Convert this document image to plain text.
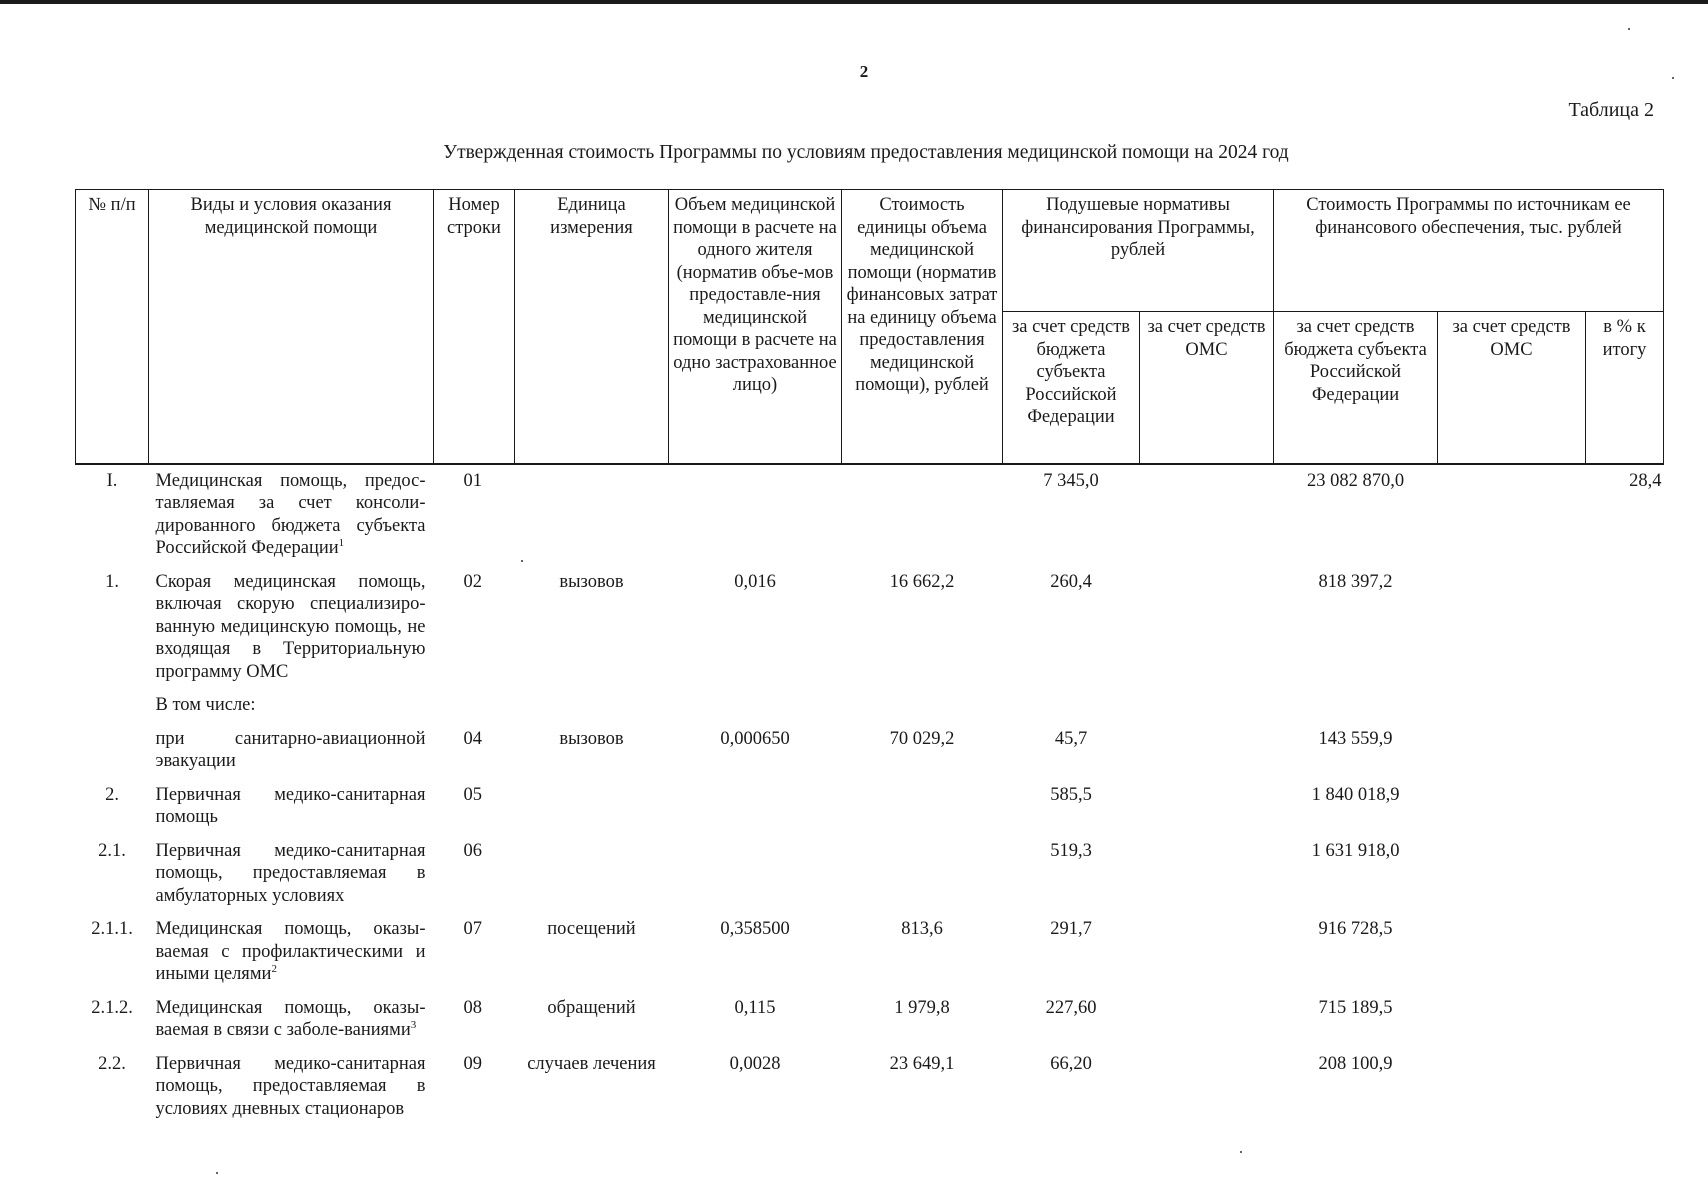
2
Таблица 2
Утвержденная стоимость Программы по условиям предоставления медицинской помощи на 2024 год
№ п/п	Виды и условия оказания медицинской помощи	Номер строки	Единица измерения	Объем медицинской помощи в расчете на одного жителя (норматив объе-мов предоставле-ния медицинской помощи в расчете на одно застрахованное лицо)	Стоимость единицы объема медицинской помощи (норматив финансовых затрат на единицу объема предоставления медицинской помощи), рублей	Подушевые нормативы финансирования Программы, рублей		Стоимость Программы по источникам ее финансового обеспечения, тыс. рублей		
						за счет средств бюджета субъекта Российской Федерации	за счет средств ОМС	за счет средств бюджета субъекта Российской Федерации	за счет средств ОМС	в % к итогу
I.	Медицинская помощь, предос-тавляемая за счет консоли-дированного бюджета субъекта Российской Федерации$^1$	01				7 345,0		23 082 870,0		28,4
1.	Скорая медицинская помощь, включая скорую специализиро-ванную медицинскую помощь, не входящая в Территориальную программу ОМС	02	вызовов	0,016	16 662,2	260,4		818 397,2		
	В том числе:									
	при санитарно-авиационной эвакуации	04	вызовов	0,000650	70 029,2	45,7		143 559,9		
2.	Первичная медико-санитарная помощь	05				585,5		1 840 018,9		
2.1.	Первичная медико-санитарная помощь, предоставляемая в амбулаторных условиях	06				519,3		1 631 918,0		
2.1.1.	Медицинская помощь, оказы-ваемая с профилактическими и иными целями$^2$	07	посещений	0,358500	813,6	291,7		916 728,5		
2.1.2.	Медицинская помощь, оказы-ваемая в связи с заболе-ваниями$^3$	08	обращений	0,115	1 979,8	227,60		715 189,5		
2.2.	Первичная медико-санитарная помощь, предоставляемая в условиях дневных стационаров	09	случаев лечения	0,0028	23 649,1	66,20		208 100,9		
